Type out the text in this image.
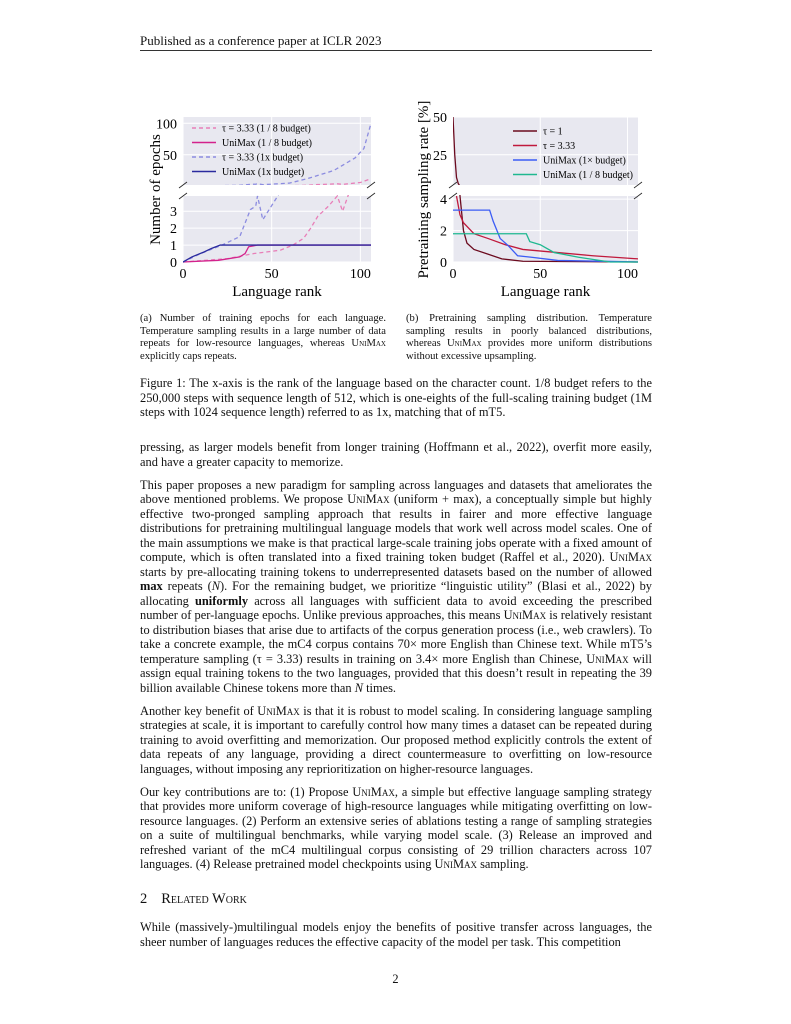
Published as a conference paper at ICLR 2023
0	50	100
50
100
0
1
2
3
τ = 3.33 (1 / 8 budget)
UniMax (1 / 8 budget)
τ = 3.33 (1x budget)
UniMax (1x budget)
Language rank
Number of epochs
0	50	100
25
50
0
2
4
τ = 1
τ = 3.33
UniMax (1× budget)
UniMax (1 / 8 budget)
Language rank
Pretraining sampling rate [%]
(a) Number of training epochs for each language. Temperature sampling results in a large number of data repeats for low-resource languages, whereas UniMax explicitly caps repeats.
(b) Pretraining sampling distribution. Temperature sampling results in poorly balanced distributions, whereas UniMax provides more uniform distributions without excessive upsampling.
Figure 1: The x-axis is the rank of the language based on the character count. 1/8 budget refers to the 250,000 steps with sequence length of 512, which is one-eights of the full-scaling training budget (1M steps with 1024 sequence length) referred to as 1x, matching that of mT5.

pressing, as larger models benefit from longer training (Hoffmann et al., 2022), overfit more easily, and have a greater capacity to memorize.

This paper proposes a new paradigm for sampling across languages and datasets that ameliorates the above mentioned problems. We propose UniMax (uniform + max), a conceptually simple but highly effective two-pronged sampling approach that results in fairer and more effective language distributions for pretraining multilingual language models that work well across model scales. One of the main assumptions we make is that practical large-scale training jobs operate with a fixed amount of compute, which is often translated into a fixed training token budget (Raffel et al., 2020). UniMax starts by pre-allocating training tokens to underrepresented datasets based on the number of allowed max repeats (N). For the remaining budget, we prioritize “linguistic utility” (Blasi et al., 2022) by allocating uniformly across all languages with sufficient data to avoid exceeding the prescribed number of per-language epochs. Unlike previous approaches, this means UniMax is relatively resistant to distribution biases that arise due to artifacts of the corpus generation process (i.e., web crawlers). To take a concrete example, the mC4 corpus contains 70× more English than Chinese text. While mT5’s temperature sampling (τ = 3.33) results in training on 3.4× more English than Chinese, UniMax will assign equal training tokens to the two languages, provided that this doesn’t result in repeating the 39 billion available Chinese tokens more than N times.

Another key benefit of UniMax is that it is robust to model scaling. In considering language sampling strategies at scale, it is important to carefully control how many times a dataset can be repeated during training to avoid overfitting and memorization. Our proposed method explicitly controls the extent of data repeats of any language, providing a direct countermeasure to overfitting on low-resource languages, without imposing any reprioritization on higher-resource languages.

Our key contributions are to: (1) Propose UniMax, a simple but effective language sampling strategy that provides more uniform coverage of high-resource languages while mitigating overfitting on low-resource languages. (2) Perform an extensive series of ablations testing a range of sampling strategies on a suite of multilingual benchmarks, while varying model scale. (3) Release an improved and refreshed variant of the mC4 multilingual corpus consisting of 29 trillion characters across 107 languages. (4) Release pretrained model checkpoints using UniMax sampling.

2 Related Work

While (massively-)multilingual models enjoy the benefits of positive transfer across languages, the sheer number of languages reduces the effective capacity of the model per task. This competition

2
